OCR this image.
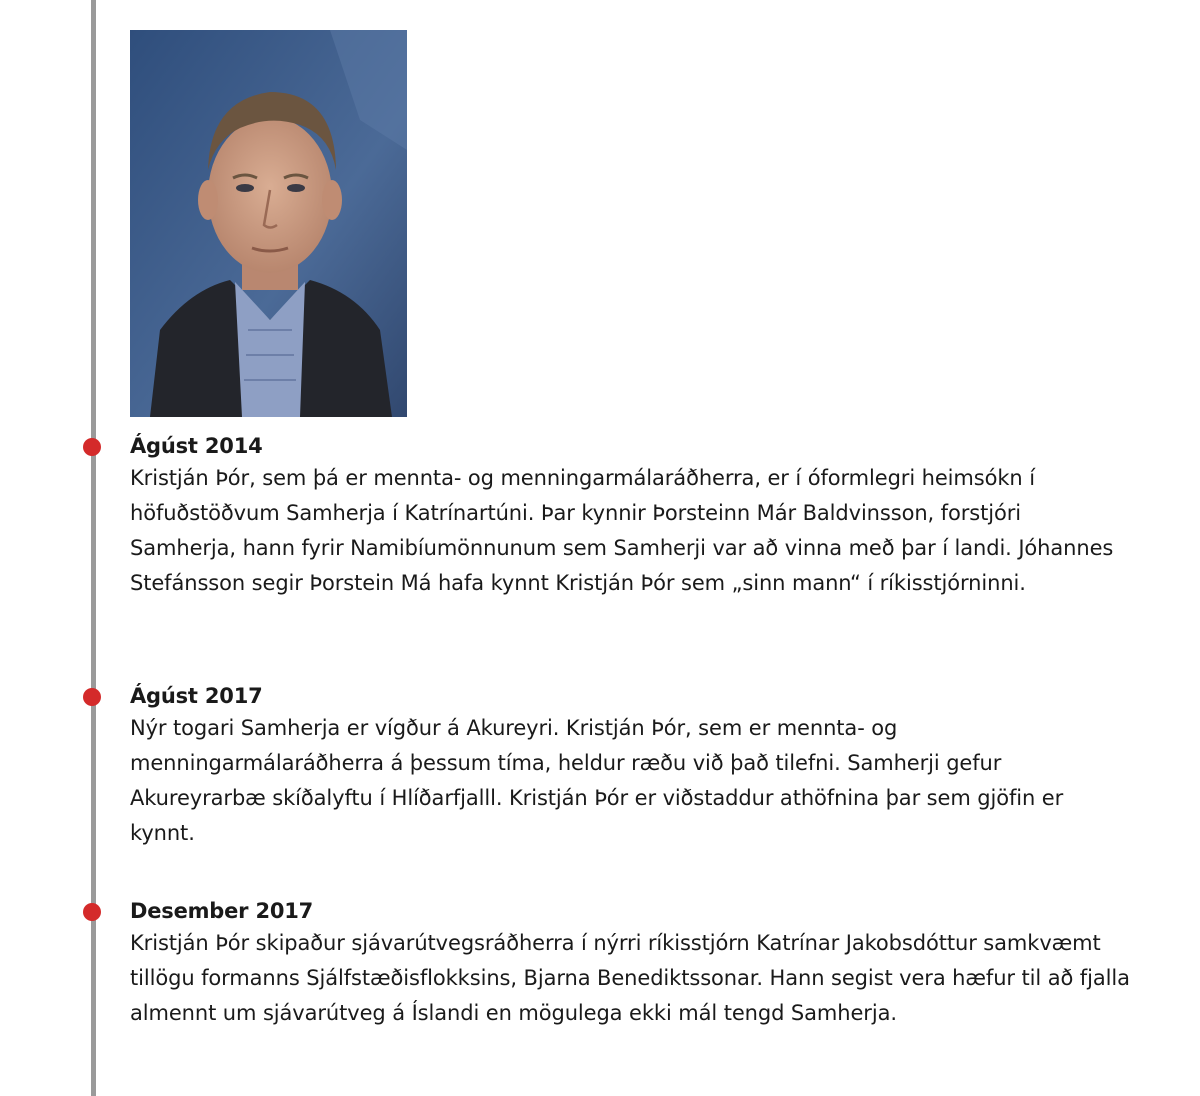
Ágúst 2014

Kristján Þór, sem þá er mennta- og menningarmálaráðherra, er í óformlegri heimsókn í höfuðstöðvum Samherja í Katrínartúni. Þar kynnir Þorsteinn Már Baldvinsson, forstjóri Samherja, hann fyrir Namibíumönnunum sem Samherji var að vinna með þar í landi. Jóhannes Stefánsson segir Þorstein Má hafa kynnt Kristján Þór sem „sinn mann“ í ríkisstjórninni.

Ágúst 2017

Nýr togari Samherja er vígður á Akureyri. Kristján Þór, sem er mennta- og menningarmálaráðherra á þessum tíma, heldur ræðu við það tilefni. Samherji gefur Akureyrarbæ skíðalyftu í Hlíðarfjalll. Kristján Þór er viðstaddur athöfnina þar sem gjöfin er kynnt.

Desember 2017

Kristján Þór skipaður sjávarútvegsráðherra í nýrri ríkisstjórn Katrínar Jakobsdóttur samkvæmt tillögu formanns Sjálfstæðisflokksins, Bjarna Benediktssonar. Hann segist vera hæfur til að fjalla almennt um sjávarútveg á Íslandi en mögulega ekki mál tengd Samherja.
